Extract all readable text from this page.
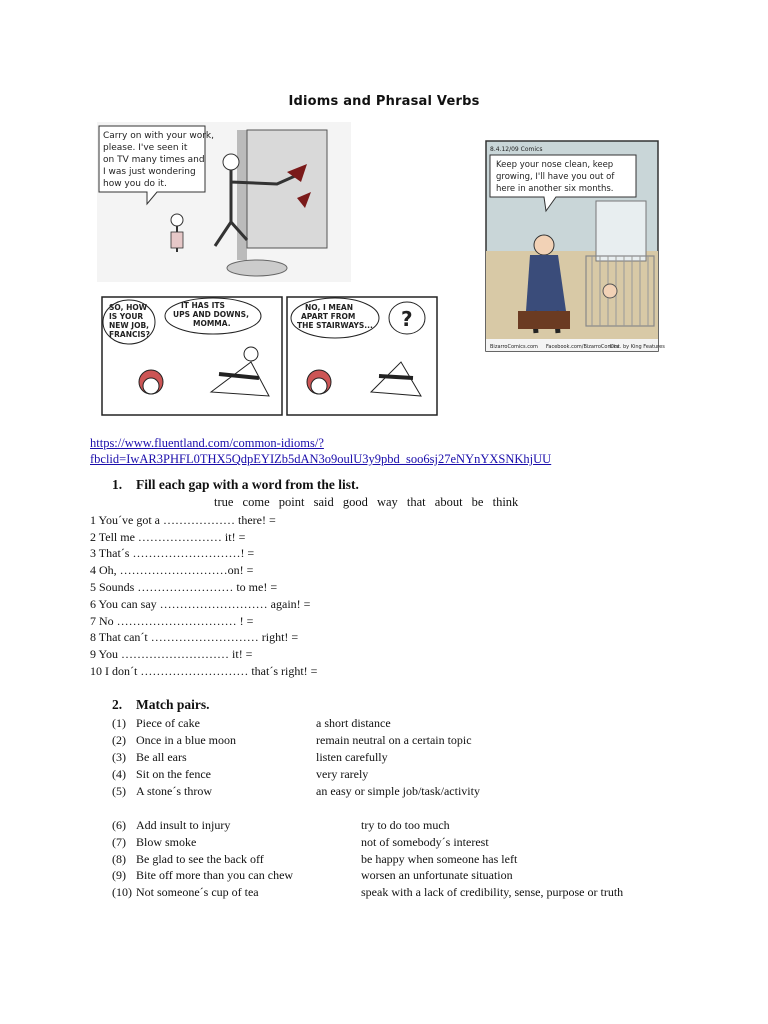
Idioms and Phrasal Verbs
Carry on with your work, please. I've seen it on TV many times and I was just wondering how you do it.
8.4.12/09 Comics
Keep your nose clean, keep growing, I'll have you out of here in another six months.
BizarroComics.com Facebook.com/BizarroComics
Dist. by King Features
?
SO, HOW IS YOUR NEW JOB, FRANCIS? IT HAS ITS UPS AND DOWNS, MOMMA. NO, I MEAN APART FROM THE STAIRWAYS...
https://www.fluentland.com/common-idioms/?
fbclid=IwAR3PHFL0THX5QdpEYIZb5dAN3o9oulU3y9pbd_soo6sj27eNYnYXSNKhjUU
1. Fill each gap with a word from the list.
true come point said good way that about be think
1 You´ve got a ……………… there! =
2 Tell me ………………… it! =
3 That´s ………………………! =
4 Oh, ………………………on! =
5 Sounds …………………… to me! =
6 You can say ……………………… again! =
7 No ………………………… ! =
8 That can´t ……………………… right! =
9 You ……………………… it! =
10 I don´t ……………………… that´s right! =
2. Match pairs.
(1) Piece of cake	a short distance
(2) Once in a blue moon	remain neutral on a certain topic
(3) Be all ears	listen carefully
(4) Sit on the fence	very rarely
(5) A stone´s throw	an easy or simple job/task/activity
(6) Add insult to injury	try to do too much
(7) Blow smoke	not of somebody´s interest
(8) Be glad to see the back off	be happy when someone has left
(9) Bite off more than you can chew	worsen an unfortunate situation
(10) Not someone´s cup of tea	speak with a lack of credibility, sense, purpose or truth
